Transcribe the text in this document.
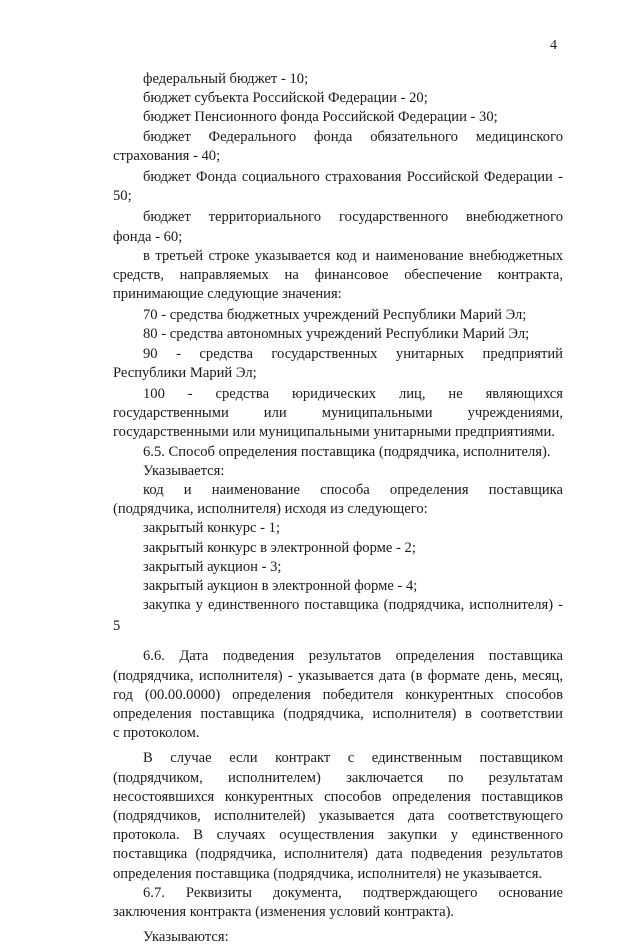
4
федеральный бюджет - 10;
бюджет субъекта Российской Федерации - 20;
бюджет Пенсионного фонда Российской Федерации - 30;
бюджет Федерального фонда обязательного медицинского
страхования - 40;
бюджет Фонда социального страхования Российской Федерации -
50;
бюджет территориального государственного внебюджетного
фонда - 60;
в третьей строке указывается код и наименование внебюджетных
средств, направляемых на финансовое обеспечение контракта,
принимающие следующие значения:
70 - средства бюджетных учреждений Республики Марий Эл;
80 - средства автономных учреждений Республики Марий Эл;
90 - средства государственных унитарных предприятий
Республики Марий Эл;
100 - средства юридических лиц, не являющихся
государственными или муниципальными учреждениями,
государственными или муниципальными унитарными предприятиями.
6.5. Способ определения поставщика (подрядчика, исполнителя).
Указывается:
код и наименование способа определения поставщика
(подрядчика, исполнителя) исходя из следующего:
закрытый конкурс - 1;
закрытый конкурс в электронной форме - 2;
закрытый аукцион - 3;
закрытый аукцион в электронной форме - 4;
закупка у единственного поставщика (подрядчика, исполнителя) -
5
6.6. Дата подведения результатов определения поставщика
(подрядчика, исполнителя) - указывается дата (в формате день, месяц,
год (00.00.0000) определения победителя конкурентных способов
определения поставщика (подрядчика, исполнителя) в соответствии
с протоколом.
В случае если контракт с единственным поставщиком
(подрядчиком, исполнителем) заключается по результатам
несостоявшихся конкурентных способов определения поставщиков
(подрядчиков, исполнителей) указывается дата соответствующего
протокола. В случаях осуществления закупки у единственного
поставщика (подрядчика, исполнителя) дата подведения результатов
определения поставщика (подрядчика, исполнителя) не указывается.
6.7. Реквизиты документа, подтверждающего основание
заключения контракта (изменения условий контракта).
Указываются:
